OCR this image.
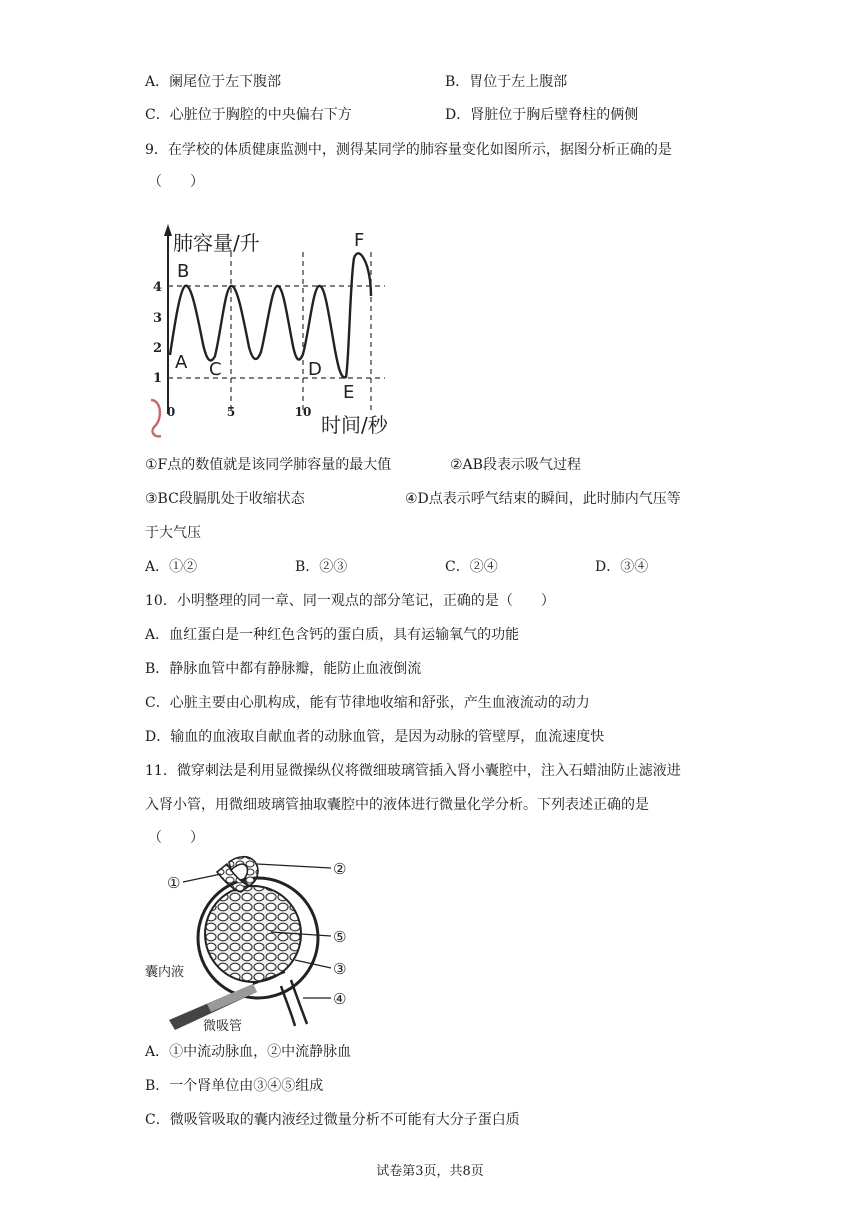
A．阑尾位于左下腹部	B．胃位于左上腹部
C．心脏位于胸腔的中央偏右下方	D．肾脏位于胸后壁脊柱的俩侧
9．在学校的体质健康监测中，测得某同学的肺容量变化如图所示，据图分析正确的是
（　　）
肺容量/升
时间/秒
1
2
3
4
0	5	10
A
B
C	D
E
F
①F点的数值就是该同学肺容量的最大值	②AB段表示吸气过程
③BC段膈肌处于收缩状态	④D点表示呼气结束的瞬间，此时肺内气压等
于大气压
A．①②	B．②③	C．②④	D．③④
10．小明整理的同一章、同一观点的部分笔记，正确的是（　　）
A．血红蛋白是一种红色含钙的蛋白质，具有运输氧气的功能
B．静脉血管中都有静脉瓣，能防止血液倒流
C．心脏主要由心肌构成，能有节律地收缩和舒张，产生血液流动的动力
D．输血的血液取自献血者的动脉血管，是因为动脉的管壁厚，血流速度快
11．微穿刺法是利用显微操纵仪将微细玻璃管插入肾小囊腔中，注入石蜡油防止滤液进
入肾小管，用微细玻璃管抽取囊腔中的液体进行微量化学分析。下列表述正确的是
（　　）
①
②
③
④
⑤
囊内液
微吸管
A．①中流动脉血，②中流静脉血
B．一个肾单位由③④⑤组成
C．微吸管吸取的囊内液经过微量分析不可能有大分子蛋白质
试卷第3页，共8页
